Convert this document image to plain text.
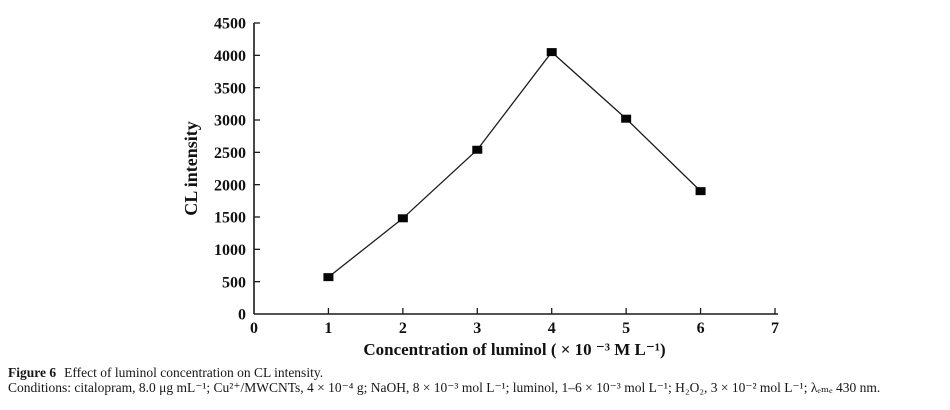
0
500
1000
1500
2000
2500
3000
3500
4000
4500
0	1	2	3	4	5	6	7
Concentration of luminol ( × 10 ⁻³ M L⁻¹)
CL intensity

Figure 6 Effect of luminol concentration on CL intensity.

Conditions: citalopram, 8.0 μg mL⁻¹; Cu²⁺/MWCNTs, 4 × 10⁻⁴ g; NaOH, 8 × 10⁻³ mol L⁻¹; luminol, 1–6 × 10⁻³ mol L⁻¹; H₂O₂, 3 × 10⁻² mol L⁻¹; λₑₘₑ 430 nm.
